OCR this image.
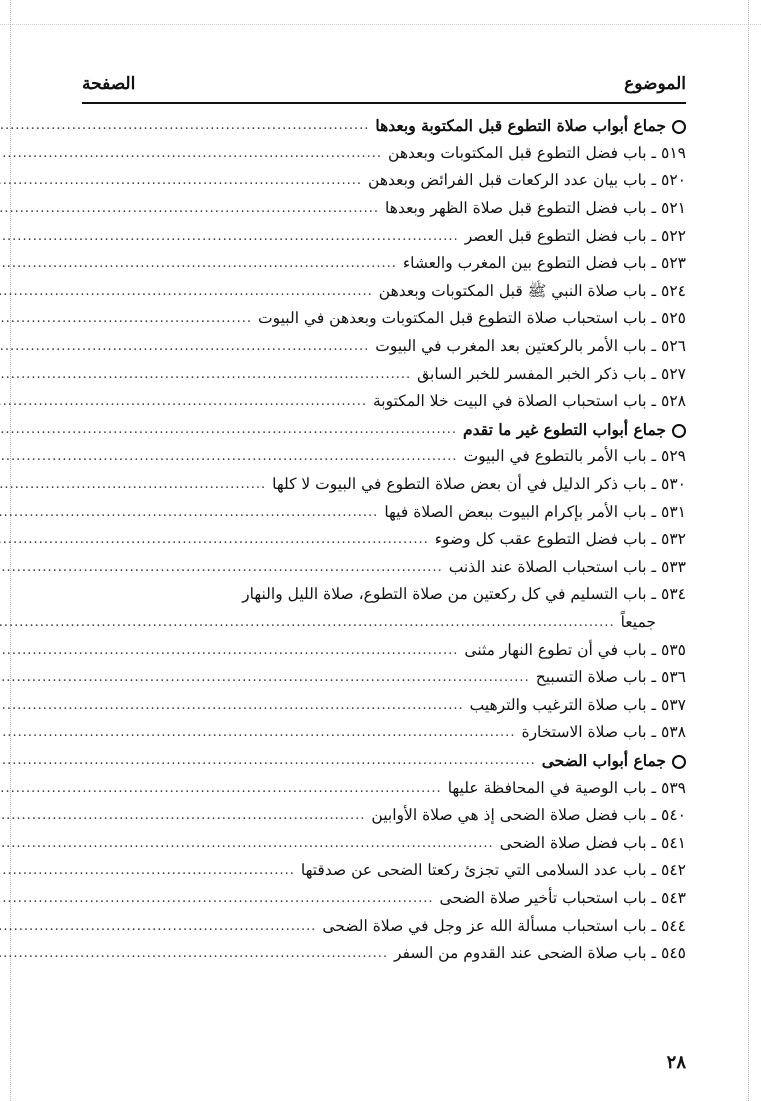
الموضوع
الصفحة
جماع أبواب صلاة التطوع قبل المكتوبة وبعدها
.....
٥١٩ ـ باب فضل التطوع قبل المكتوبات وبعدهن
.....
٥٢٠ ـ باب بيان عدد الركعات قبل الفرائض وبعدهن
.....
٥٢١ ـ باب فضل التطوع قبل صلاة الظهر وبعدها
.....
٥٢٢ ـ باب فضل التطوع قبل العصر
.....
٥٢٣ ـ باب فضل التطوع بين المغرب والعشاء
.....
٥٢٤ ـ باب صلاة النبي ﷺ قبل المكتوبات وبعدهن
.....
٥٢٥ ـ باب استحباب صلاة التطوع قبل المكتوبات وبعدهن في البيوت
.....
٥٢٦ ـ باب الأمر بالركعتين بعد المغرب في البيوت
.....
٥٢٧ ـ باب ذكر الخبر المفسر للخبر السابق
.....
٥٢٨ ـ باب استحباب الصلاة في البيت خلا المكتوبة
.....
جماع أبواب التطوع غير ما تقدم
.....
٥٢٩ ـ باب الأمر بالتطوع في البيوت
.....
٥٣٠ ـ باب ذكر الدليل في أن بعض صلاة التطوع في البيوت لا كلها
.....
٥٣١ ـ باب الأمر بإكرام البيوت ببعض الصلاة فيها
.....
٥٣٢ ـ باب فضل التطوع عقب كل وضوء
.....
٥٣٣ ـ باب استحباب الصلاة عند الذنب
.....
٥٣٤ ـ باب التسليم في كل ركعتين من صلاة التطوع، صلاة الليل والنهار
جميعاً
.....
٥٣٥ ـ باب في أن تطوع النهار مثنى
.....
٥٣٦ ـ باب صلاة التسبيح
.....
٥٣٧ ـ باب صلاة الترغيب والترهيب
.....
٥٣٨ ـ باب صلاة الاستخارة
.....
جماع أبواب الضحى
.....
٥٣٩ ـ باب الوصية في المحافظة عليها
.....
٥٤٠ ـ باب فضل صلاة الضحى إذ هي صلاة الأوابين
.....
٥٤١ ـ باب فضل صلاة الضحى
.....
٥٤٢ ـ باب عدد السلامى التي تجزئ ركعتا الضحى عن صدقتها
.....
٥٤٣ ـ باب استحباب تأخير صلاة الضحى
.....
٥٤٤ ـ باب استحباب مسألة الله عز وجل في صلاة الضحى
.....
٥٤٥ ـ باب صلاة الضحى عند القدوم من السفر
.....
٢٨
